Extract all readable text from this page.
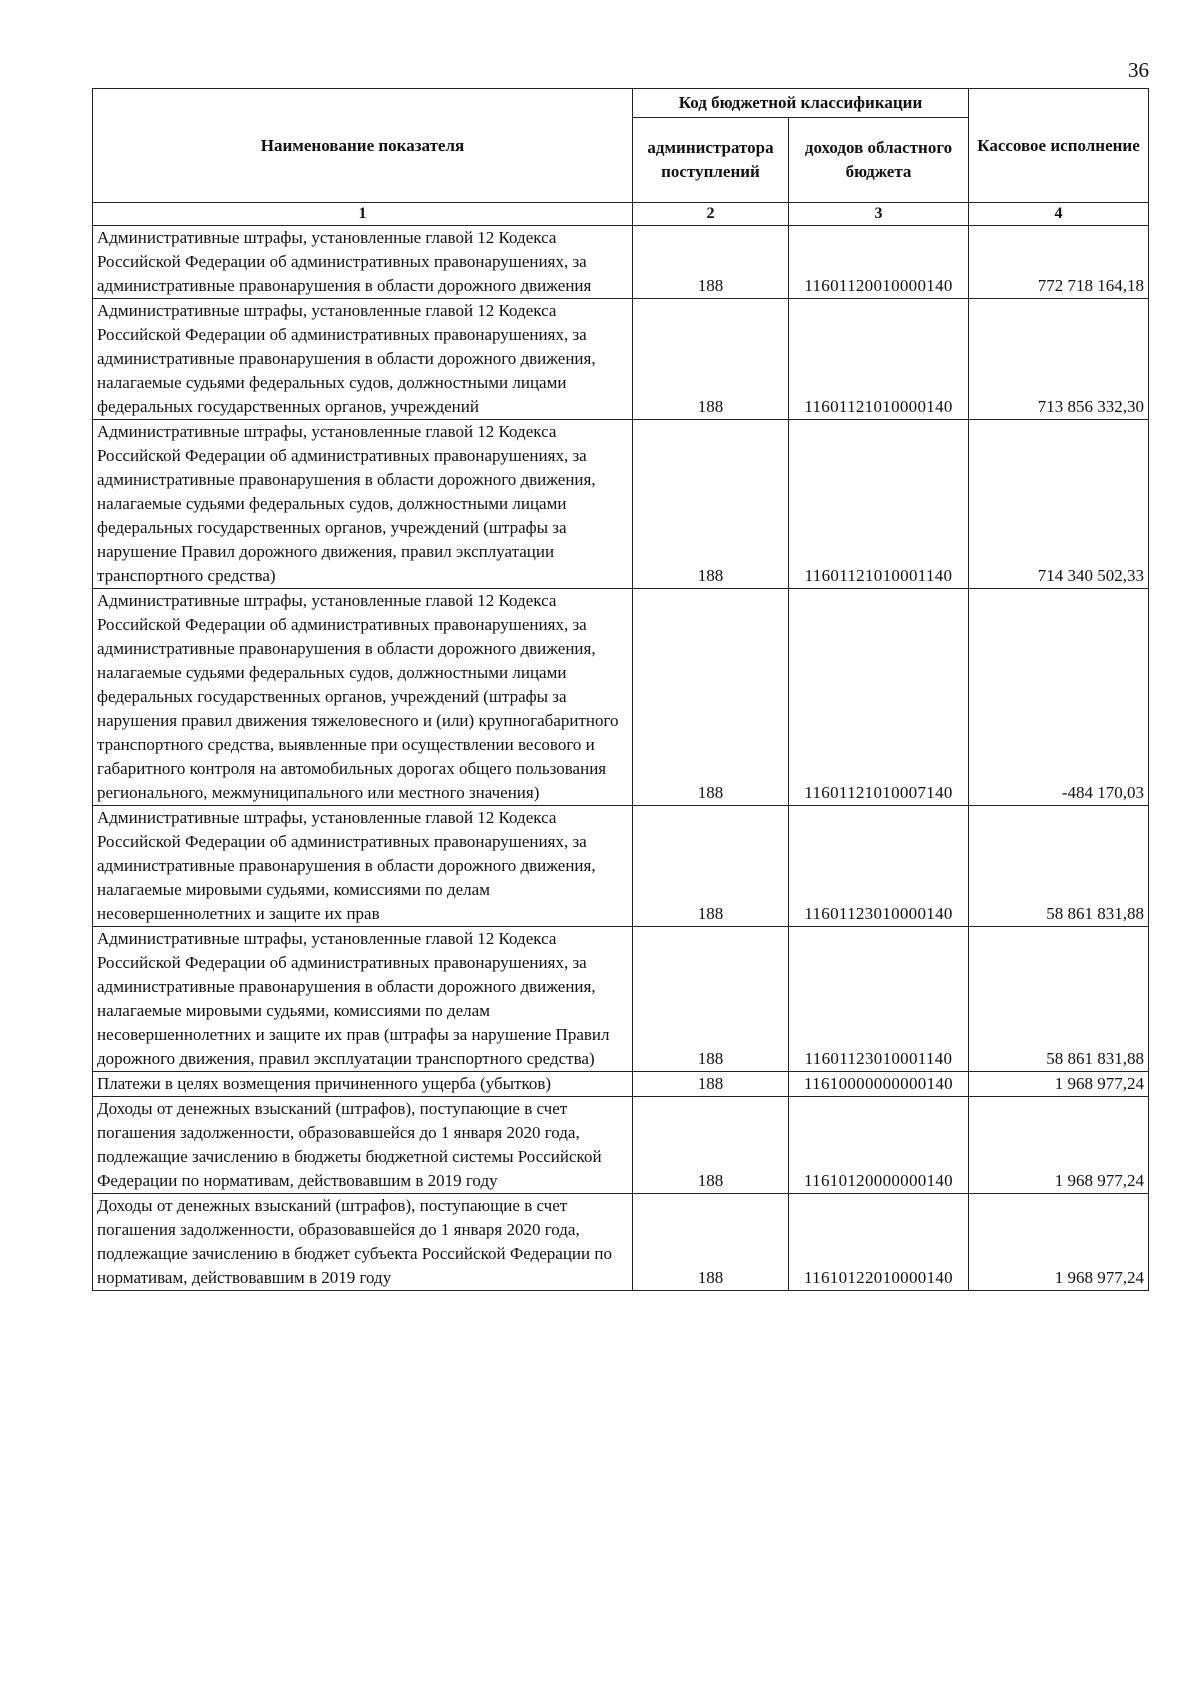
36
Наименование показателя	Код бюджетной классификации		Кассовое исполнение
	администратора поступлений	доходов областного бюджета	
1	2	3	4
Административные штрафы, установленные главой 12 Кодекса Российской Федерации об административных правонарушениях, за административные правонарушения в области дорожного движения	188	11601120010000140	772 718 164,18
Административные штрафы, установленные главой 12 Кодекса Российской Федерации об административных правонарушениях, за административные правонарушения в области дорожного движения, налагаемые судьями федеральных судов, должностными лицами федеральных государственных органов, учреждений	188	11601121010000140	713 856 332,30
Административные штрафы, установленные главой 12 Кодекса Российской Федерации об административных правонарушениях, за административные правонарушения в области дорожного движения, налагаемые судьями федеральных судов, должностными лицами федеральных государственных органов, учреждений (штрафы за нарушение Правил дорожного движения, правил эксплуатации транспортного средства)	188	11601121010001140	714 340 502,33
Административные штрафы, установленные главой 12 Кодекса Российской Федерации об административных правонарушениях, за административные правонарушения в области дорожного движения, налагаемые судьями федеральных судов, должностными лицами федеральных государственных органов, учреждений (штрафы за нарушения правил движения тяжеловесного и (или) крупногабаритного транспортного средства, выявленные при осуществлении весового и габаритного контроля на автомобильных дорогах общего пользования регионального, межмуниципального или местного значения)	188	11601121010007140	-484 170,03
Административные штрафы, установленные главой 12 Кодекса Российской Федерации об административных правонарушениях, за административные правонарушения в области дорожного движения, налагаемые мировыми судьями, комиссиями по делам несовершеннолетних и защите их прав	188	11601123010000140	58 861 831,88
Административные штрафы, установленные главой 12 Кодекса Российской Федерации об административных правонарушениях, за административные правонарушения в области дорожного движения, налагаемые мировыми судьями, комиссиями по делам несовершеннолетних и защите их прав (штрафы за нарушение Правил дорожного движения, правил эксплуатации транспортного средства)	188	11601123010001140	58 861 831,88
Платежи в целях возмещения причиненного ущерба (убытков)	188	11610000000000140	1 968 977,24
Доходы от денежных взысканий (штрафов), поступающие в счет погашения задолженности, образовавшейся до 1 января 2020 года, подлежащие зачислению в бюджеты бюджетной системы Российской Федерации по нормативам, действовавшим в 2019 году	188	11610120000000140	1 968 977,24
Доходы от денежных взысканий (штрафов), поступающие в счет погашения задолженности, образовавшейся до 1 января 2020 года, подлежащие зачислению в бюджет субъекта Российской Федерации по нормативам, действовавшим в 2019 году	188	11610122010000140	1 968 977,24
